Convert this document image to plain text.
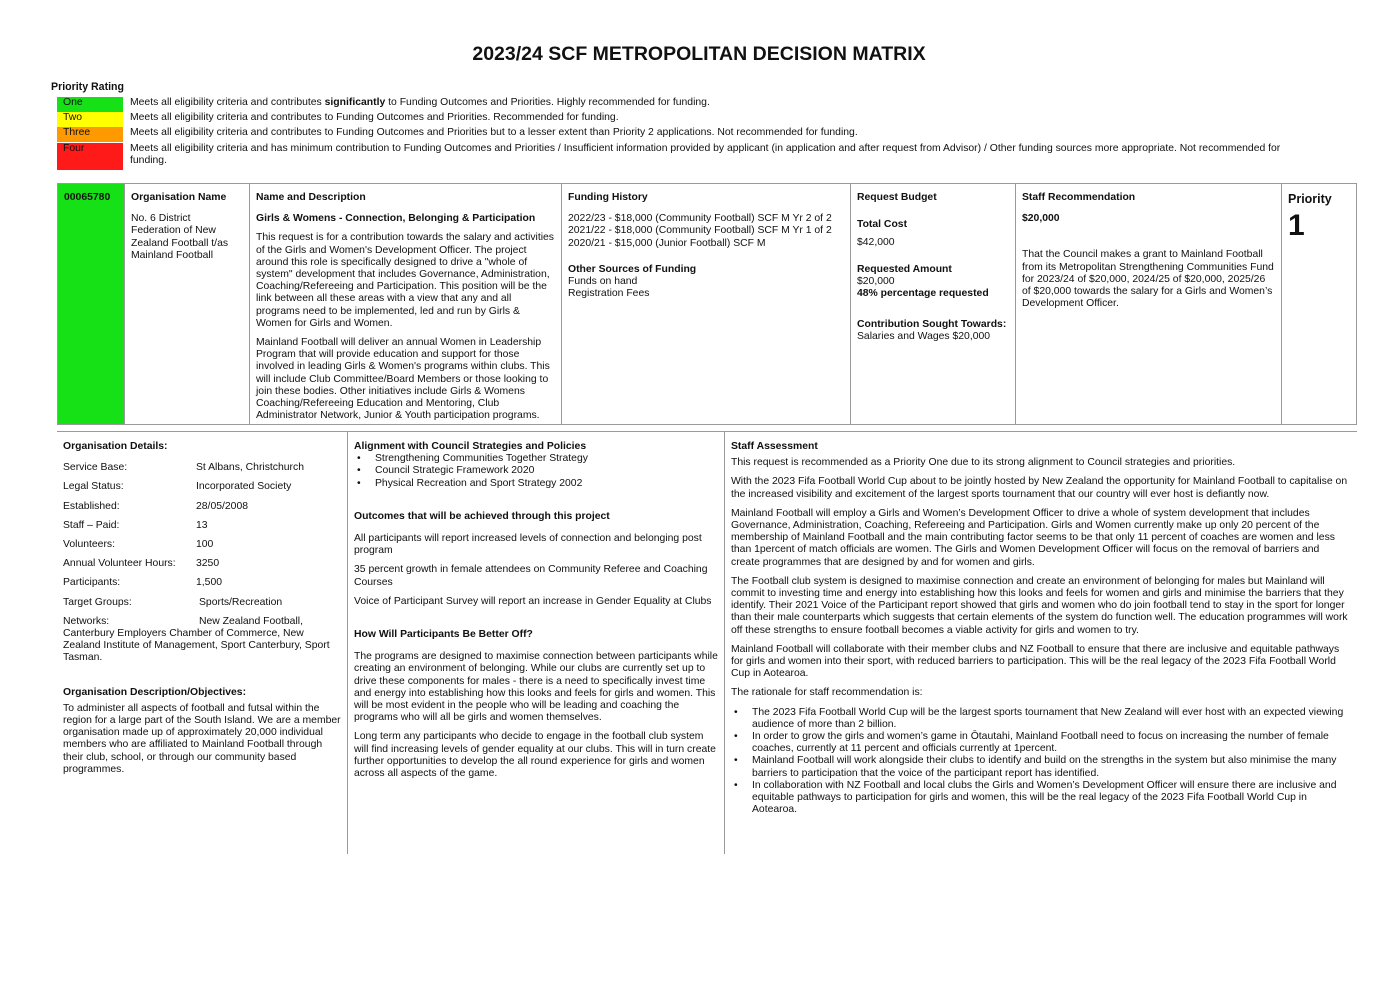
2023/24 SCF METROPOLITAN DECISION MATRIX
Priority Rating
One	Meets all eligibility criteria and contributes significantly to Funding Outcomes and Priorities. Highly recommended for funding.
Two	Meets all eligibility criteria and contributes to Funding Outcomes and Priorities. Recommended for funding.
Three	Meets all eligibility criteria and contributes to Funding Outcomes and Priorities but to a lesser extent than Priority 2 applications. Not recommended for funding.
Four	Meets all eligibility criteria and has minimum contribution to Funding Outcomes and Priorities / Insufficient information provided by applicant (in application and after request from Advisor) / Other funding sources more appropriate. Not recommended for funding.
00065780	Organisation Name
No. 6 District Federation of New Zealand Football t/as Mainland Football
Name and Description
Girls & Womens - Connection, Belonging & Participation
This request is for a contribution towards the salary and activities of the Girls and Women's Development Officer. The project around this role is specifically designed to drive a "whole of system" development that includes Governance, Administration, Coaching/Refereeing and Participation. This position will be the link between all these areas with a view that any and all programs need to be implemented, led and run by Girls & Women for Girls and Women.
Mainland Football will deliver an annual Women in Leadership Program that will provide education and support for those involved in leading Girls & Women's programs within clubs. This will include Club Committee/Board Members or those looking to join these bodies. Other initiatives include Girls & Womens Coaching/Refereeing Education and Mentoring, Club Administrator Network, Junior & Youth participation programs.
Funding History
2022/23 - $18,000 (Community Football) SCF M Yr 2 of 2
2021/22 - $18,000 (Community Football) SCF M Yr 1 of 2
2020/21 - $15,000 (Junior Football) SCF M
Other Sources of Funding
Funds on hand
Registration Fees
Request Budget
Total Cost
$42,000
Requested Amount
$20,000
48% percentage requested
Contribution Sought Towards:
Salaries and Wages $20,000
Staff Recommendation
$20,000
That the Council makes a grant to Mainland Football from its Metropolitan Strengthening Communities Fund for 2023/24 of $20,000, 2024/25 of $20,000, 2025/26 of $20,000 towards the salary for a Girls and Women’s Development Officer.
Priority
1
Organisation Details:
Service Base:	St Albans, Christchurch
Legal Status:	Incorporated Society
Established:	28/05/2008
Staff – Paid:	13
Volunteers:	100
Annual Volunteer Hours: 3250
Participants:	1,500
Target Groups:	Sports/Recreation
Networks:	New Zealand Football,
Canterbury Employers Chamber of Commerce, New Zealand Institute of Management, Sport Canterbury, Sport Tasman.
Organisation Description/Objectives:
To administer all aspects of football and futsal within the region for a large part of the South Island. We are a member organisation made up of approximately 20,000 individual members who are affiliated to Mainland Football through their club, school, or through our community based programmes.
Alignment with Council Strategies and Policies
• Strengthening Communities Together Strategy
• Council Strategic Framework 2020
• Physical Recreation and Sport Strategy 2002
Outcomes that will be achieved through this project
All participants will report increased levels of connection and belonging post program
35 percent growth in female attendees on Community Referee and Coaching Courses
Voice of Participant Survey will report an increase in Gender Equality at Clubs
How Will Participants Be Better Off?
The programs are designed to maximise connection between participants while creating an environment of belonging. While our clubs are currently set up to drive these components for males - there is a need to specifically invest time and energy into establishing how this looks and feels for girls and women. This will be most evident in the people who will be leading and coaching the programs who will all be girls and women themselves.
Long term any participants who decide to engage in the football club system will find increasing levels of gender equality at our clubs. This will in turn create further opportunities to develop the all round experience for girls and women across all aspects of the game.
Staff Assessment
This request is recommended as a Priority One due to its strong alignment to Council strategies and priorities.
With the 2023 Fifa Football World Cup about to be jointly hosted by New Zealand the opportunity for Mainland Football to capitalise on the increased visibility and excitement of the largest sports tournament that our country will ever host is defiantly now.
Mainland Football will employ a Girls and Women’s Development Officer to drive a whole of system development that includes Governance, Administration, Coaching, Refereeing and Participation. Girls and Women currently make up only 20 percent of the membership of Mainland Football and the main contributing factor seems to be that only 11 percent of coaches are women and less than 1percent of match officials are women. The Girls and Women Development Officer will focus on the removal of barriers and create programmes that are designed by and for women and girls.
The Football club system is designed to maximise connection and create an environment of belonging for males but Mainland will commit to investing time and energy into establishing how this looks and feels for women and girls and minimise the barriers that they identify. Their 2021 Voice of the Participant report showed that girls and women who do join football tend to stay in the sport for longer than their male counterparts which suggests that certain elements of the system do function well. The education programmes will work off these strengths to ensure football becomes a viable activity for girls and women to try.
Mainland Football will collaborate with their member clubs and NZ Football to ensure that there are inclusive and equitable pathways for girls and women into their sport, with reduced barriers to participation. This will be the real legacy of the 2023 Fifa Football World Cup in Aotearoa.
The rationale for staff recommendation is:
• The 2023 Fifa Football World Cup will be the largest sports tournament that New Zealand will ever host with an expected viewing audience of more than 2 billion.
• In order to grow the girls and women’s game in Ōtautahi, Mainland Football need to focus on increasing the number of female coaches, currently at 11 percent and officials currently at 1percent.
• Mainland Football will work alongside their clubs to identify and build on the strengths in the system but also minimise the many barriers to participation that the voice of the participant report has identified.
• In collaboration with NZ Football and local clubs the Girls and Women’s Development Officer will ensure there are inclusive and equitable pathways to participation for girls and women, this will be the real legacy of the 2023 Fifa Football World Cup in Aotearoa.
